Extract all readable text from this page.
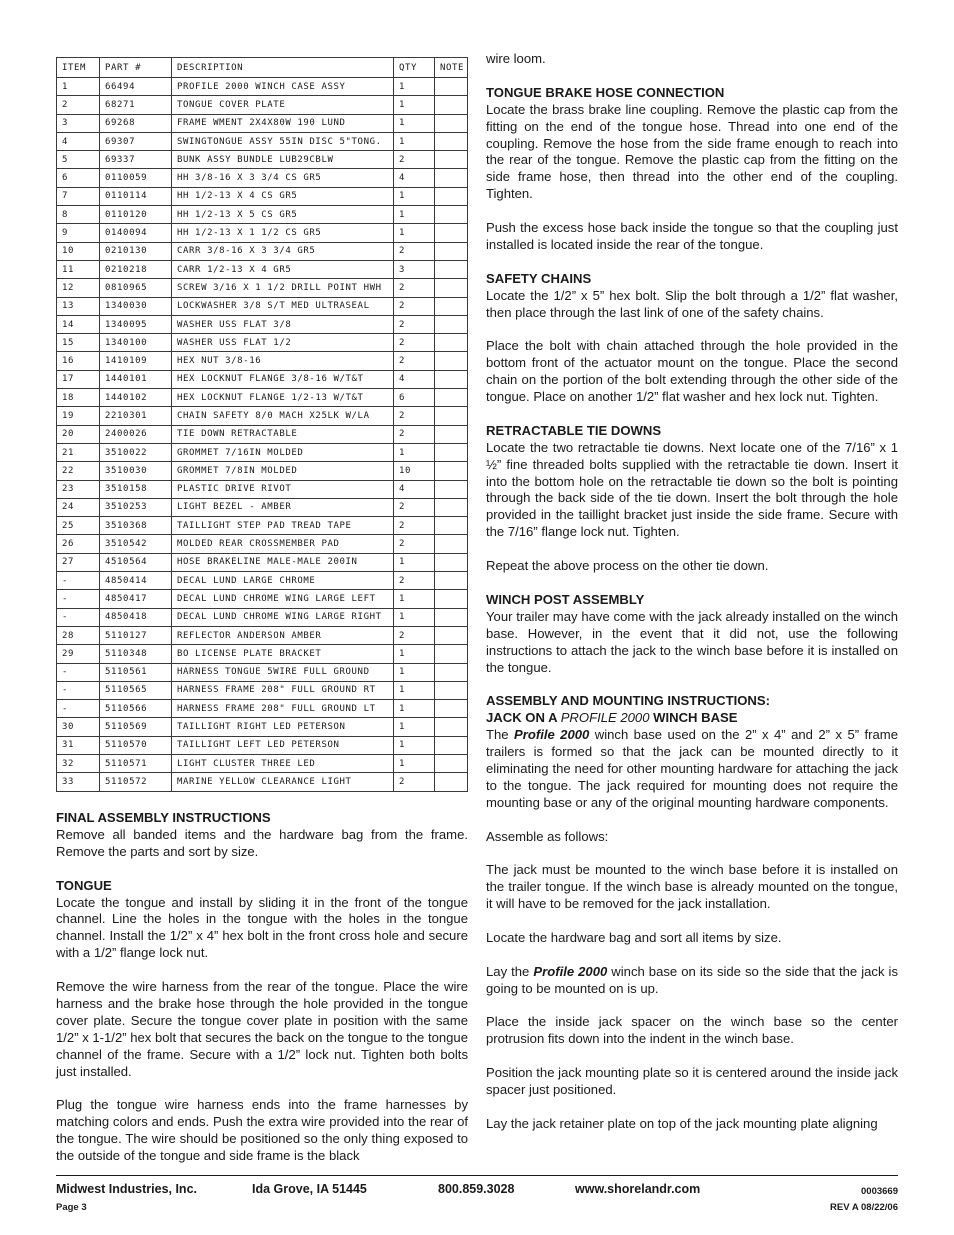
ITEM	PART #	DESCRIPTION	QTY	NOTE
1	66494	PROFILE 2000 WINCH CASE ASSY	1	
2	68271	TONGUE COVER PLATE	1	
3	69268	FRAME WMENT 2X4X80W 190 LUND	1	
4	69307	SWINGTONGUE ASSY 55IN DISC 5"TONG.	1	
5	69337	BUNK ASSY BUNDLE LUB29CBLW	2	
6	0110059	HH 3/8-16 X 3 3/4 CS GR5	4	
7	0110114	HH 1/2-13 X 4 CS GR5	1	
8	0110120	HH 1/2-13 X 5 CS GR5	1	
9	0140094	HH 1/2-13 X 1 1/2 CS GR5	1	
10	0210130	CARR 3/8-16 X 3 3/4 GR5	2	
11	0210218	CARR 1/2-13 X 4 GR5	3	
12	0810965	SCREW 3/16 X 1 1/2 DRILL POINT HWH	2	
13	1340030	LOCKWASHER 3/8 S/T MED ULTRASEAL	2	
14	1340095	WASHER USS FLAT 3/8	2	
15	1340100	WASHER USS FLAT 1/2	2	
16	1410109	HEX NUT 3/8-16	2	
17	1440101	HEX LOCKNUT FLANGE 3/8-16 W/T&T	4	
18	1440102	HEX LOCKNUT FLANGE 1/2-13 W/T&T	6	
19	2210301	CHAIN SAFETY 8/0 MACH X25LK W/LA	2	
20	2400026	TIE DOWN RETRACTABLE	2	
21	3510022	GROMMET 7/16IN MOLDED	1	
22	3510030	GROMMET 7/8IN MOLDED	10	
23	3510158	PLASTIC DRIVE RIVOT	4	
24	3510253	LIGHT BEZEL - AMBER	2	
25	3510368	TAILLIGHT STEP PAD TREAD TAPE	2	
26	3510542	MOLDED REAR CROSSMEMBER PAD	2	
27	4510564	HOSE BRAKELINE MALE-MALE 200IN	1	
-	4850414	DECAL LUND LARGE CHROME	2	
-	4850417	DECAL LUND CHROME WING LARGE LEFT	1	
-	4850418	DECAL LUND CHROME WING LARGE RIGHT	1	
28	5110127	REFLECTOR ANDERSON AMBER	2	
29	5110348	BO LICENSE PLATE BRACKET	1	
-	5110561	HARNESS TONGUE 5WIRE FULL GROUND	1	
-	5110565	HARNESS FRAME 208" FULL GROUND RT	1	
-	5110566	HARNESS FRAME 208" FULL GROUND LT	1	
30	5110569	TAILLIGHT RIGHT LED PETERSON	1	
31	5110570	TAILLIGHT LEFT LED PETERSON	1	
32	5110571	LIGHT CLUSTER THREE LED	1	
33	5110572	MARINE YELLOW CLEARANCE LIGHT	2	
FINAL ASSEMBLY INSTRUCTIONS

Remove all banded items and the hardware bag from the frame. Remove the parts and sort by size.

TONGUE

Locate the tongue and install by sliding it in the front of the tongue channel. Line the holes in the tongue with the holes in the tongue channel. Install the 1/2” x 4” hex bolt in the front cross hole and secure with a 1/2” flange lock nut.

Remove the wire harness from the rear of the tongue. Place the wire harness and the brake hose through the hole provided in the tongue cover plate. Secure the tongue cover plate in position with the same 1/2” x 1-1/2” hex bolt that secures the back on the tongue to the tongue channel of the frame. Secure with a 1/2” lock nut. Tighten both bolts just installed.

Plug the tongue wire harness ends into the frame harnesses by matching colors and ends. Push the extra wire provided into the rear of the tongue. The wire should be positioned so the only thing exposed to the outside of the tongue and side frame is the black

wire loom.

TONGUE BRAKE HOSE CONNECTION

Locate the brass brake line coupling. Remove the plastic cap from the fitting on the end of the tongue hose. Thread into one end of the coupling. Remove the hose from the side frame enough to reach into the rear of the tongue. Remove the plastic cap from the fitting on the side frame hose, then thread into the other end of the coupling. Tighten.

Push the excess hose back inside the tongue so that the coupling just installed is located inside the rear of the tongue.

SAFETY CHAINS

Locate the 1/2” x 5” hex bolt. Slip the bolt through a 1/2” flat washer, then place through the last link of one of the safety chains.

Place the bolt with chain attached through the hole provided in the bottom front of the actuator mount on the tongue. Place the second chain on the portion of the bolt extending through the other side of the tongue. Place on another 1/2” flat washer and hex lock nut. Tighten.

RETRACTABLE TIE DOWNS

Locate the two retractable tie downs. Next locate one of the 7/16” x 1 ½” fine threaded bolts supplied with the retractable tie down. Insert it into the bottom hole on the retractable tie down so the bolt is pointing through the back side of the tie down. Insert the bolt through the hole provided in the taillight bracket just inside the side frame. Secure with the 7/16” flange lock nut. Tighten.

Repeat the above process on the other tie down.

WINCH POST ASSEMBLY

Your trailer may have come with the jack already installed on the winch base. However, in the event that it did not, use the following instructions to attach the jack to the winch base before it is installed on the tongue.

ASSEMBLY AND MOUNTING INSTRUCTIONS:
JACK ON A PROFILE 2000 WINCH BASE

The Profile 2000 winch base used on the 2” x 4” and 2” x 5” frame trailers is formed so that the jack can be mounted directly to it eliminating the need for other mounting hardware for attaching the jack to the tongue. The jack required for mounting does not require the mounting base or any of the original mounting hardware components.

Assemble as follows:

The jack must be mounted to the winch base before it is installed on the trailer tongue. If the winch base is already mounted on the tongue, it will have to be removed for the jack installation.

Locate the hardware bag and sort all items by size.

Lay the Profile 2000 winch base on its side so the side that the jack is going to be mounted on is up.

Place the inside jack spacer on the winch base so the center protrusion fits down into the indent in the winch base.

Position the jack mounting plate so it is centered around the inside jack spacer just positioned.

Lay the jack retainer plate on top of the jack mounting plate aligning

Midwest Industries, Inc.	Ida Grove, IA 51445	800.859.3028	www.shorelandr.com	0003669
Page 3	REV A 08/22/06
